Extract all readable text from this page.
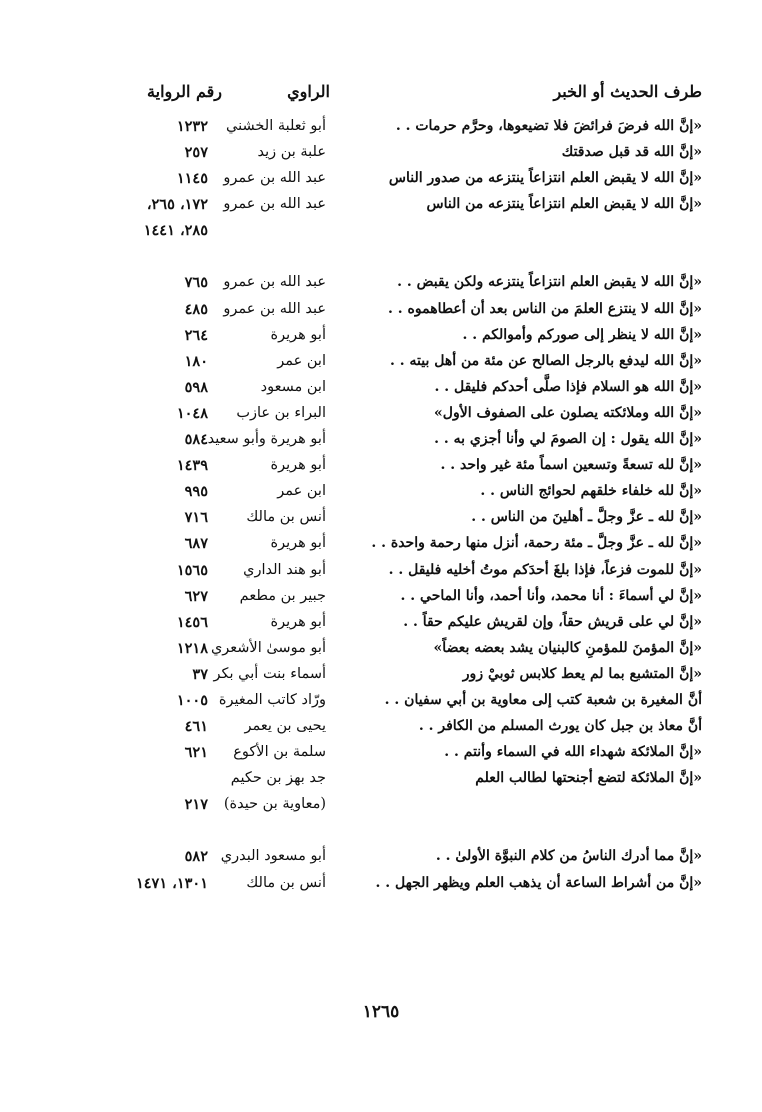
طرف الحديث أو الخبر
الراوي
رقم الرواية
«إنَّ الله فرضَ فرائضَ فلا تضيعوها، وحرَّم حرمات . .
أبو ثعلبة الخشني
١٢٣٢
«إنَّ الله قد قبل صدقتك
علبة بن زيد
٢٥٧
«إنَّ الله لا يقبض العلم انتزاعاً ينتزعه من صدور الناس
عبد الله بن عمرو
١١٤٥
«إنَّ الله لا يقبض العلم انتزاعاً ينتزعه من الناس
عبد الله بن عمرو
١٧٢، ٢٦٥،
٢٨٥، ١٤٤١
«إنَّ الله لا يقبض العلم انتزاعاً ينتزعه ولكن يقبض . .
عبد الله بن عمرو
٧٦٥
«إنَّ الله لا ينتزع العلمَ من الناس بعد أن أعطاهموه . .
عبد الله بن عمرو
٤٨٥
«إنَّ الله لا ينظر إلى صوركم وأموالكم . .
أبو هريرة
٢٦٤
«إنَّ الله ليدفع بالرجل الصالح عن مئة من أهل بيته . .
ابن عمر
١٨٠
«إنَّ الله هو السلام فإذا صلَّى أحدكم فليقل . .
ابن مسعود
٥٩٨
«إنَّ الله وملائكته يصلون على الصفوف الأول»
البراء بن عازب
١٠٤٨
«إنَّ الله يقول : إن الصومَ لي وأنا أجزي به . .
أبو هريرة وأبو سعيد
٥٨٤
«إنَّ لله تسعةً وتسعين اسماً مئة غير واحد . .
أبو هريرة
١٤٣٩
«إنَّ لله خلفاء خلقهم لحوائج الناس . .
ابن عمر
٩٩٥
«إنَّ لله ـ عزَّ وجلَّ ـ أهلينَ من الناس . .
أنس بن مالك
٧١٦
«إنَّ لله ـ عزَّ وجلَّ ـ مئة رحمة، أنزل منها رحمة واحدة . .
أبو هريرة
٦٨٧
«إنَّ للموت فزعاً، فإذا بلغَ أحدَكم موتُ أخليه فليقل . .
أبو هند الداري
١٥٦٥
«إنَّ لي أسماءَ : أنا محمد، وأنا أحمد، وأنا الماحي . .
جبير بن مطعم
٦٢٧
«إنَّ لي على قريش حقاً، وإن لقريش عليكم حقاً . .
أبو هريرة
١٤٥٦
«إنَّ المؤمنَ للمؤمنِ كالبنيان يشد بعضه بعضاً»
أبو موسىٰ الأشعري
١٢١٨
«إنَّ المتشبع بما لم يعط كلابس ثوبيْ زور
أسماء بنت أبي بكر
٣٧
أنَّ المغيرة بن شعبة كتب إلى معاوية بن أبي سفيان . .
ورّاد كاتب المغيرة
١٠٠٥
أنَّ معاذ بن جبل كان يورث المسلم من الكافر . .
يحيى بن يعمر
٤٦١
«إنَّ الملائكة شهداء الله في السماء وأنتم . .
سلمة بن الأكوع
٦٢١
«إنَّ الملائكة لتضع أجنحتها لطالب العلم
جد بهز بن حكيم
(معاوية بن حيدة)
٢١٧
«إنَّ مما أدرك الناسُ من كلام النبوَّة الأولىٰ . .
أبو مسعود البدري
٥٨٢
«إنَّ من أشراط الساعة أن يذهب العلم ويظهر الجهل . .
أنس بن مالك
١٣٠١، ١٤٧١
١٢٦٥
